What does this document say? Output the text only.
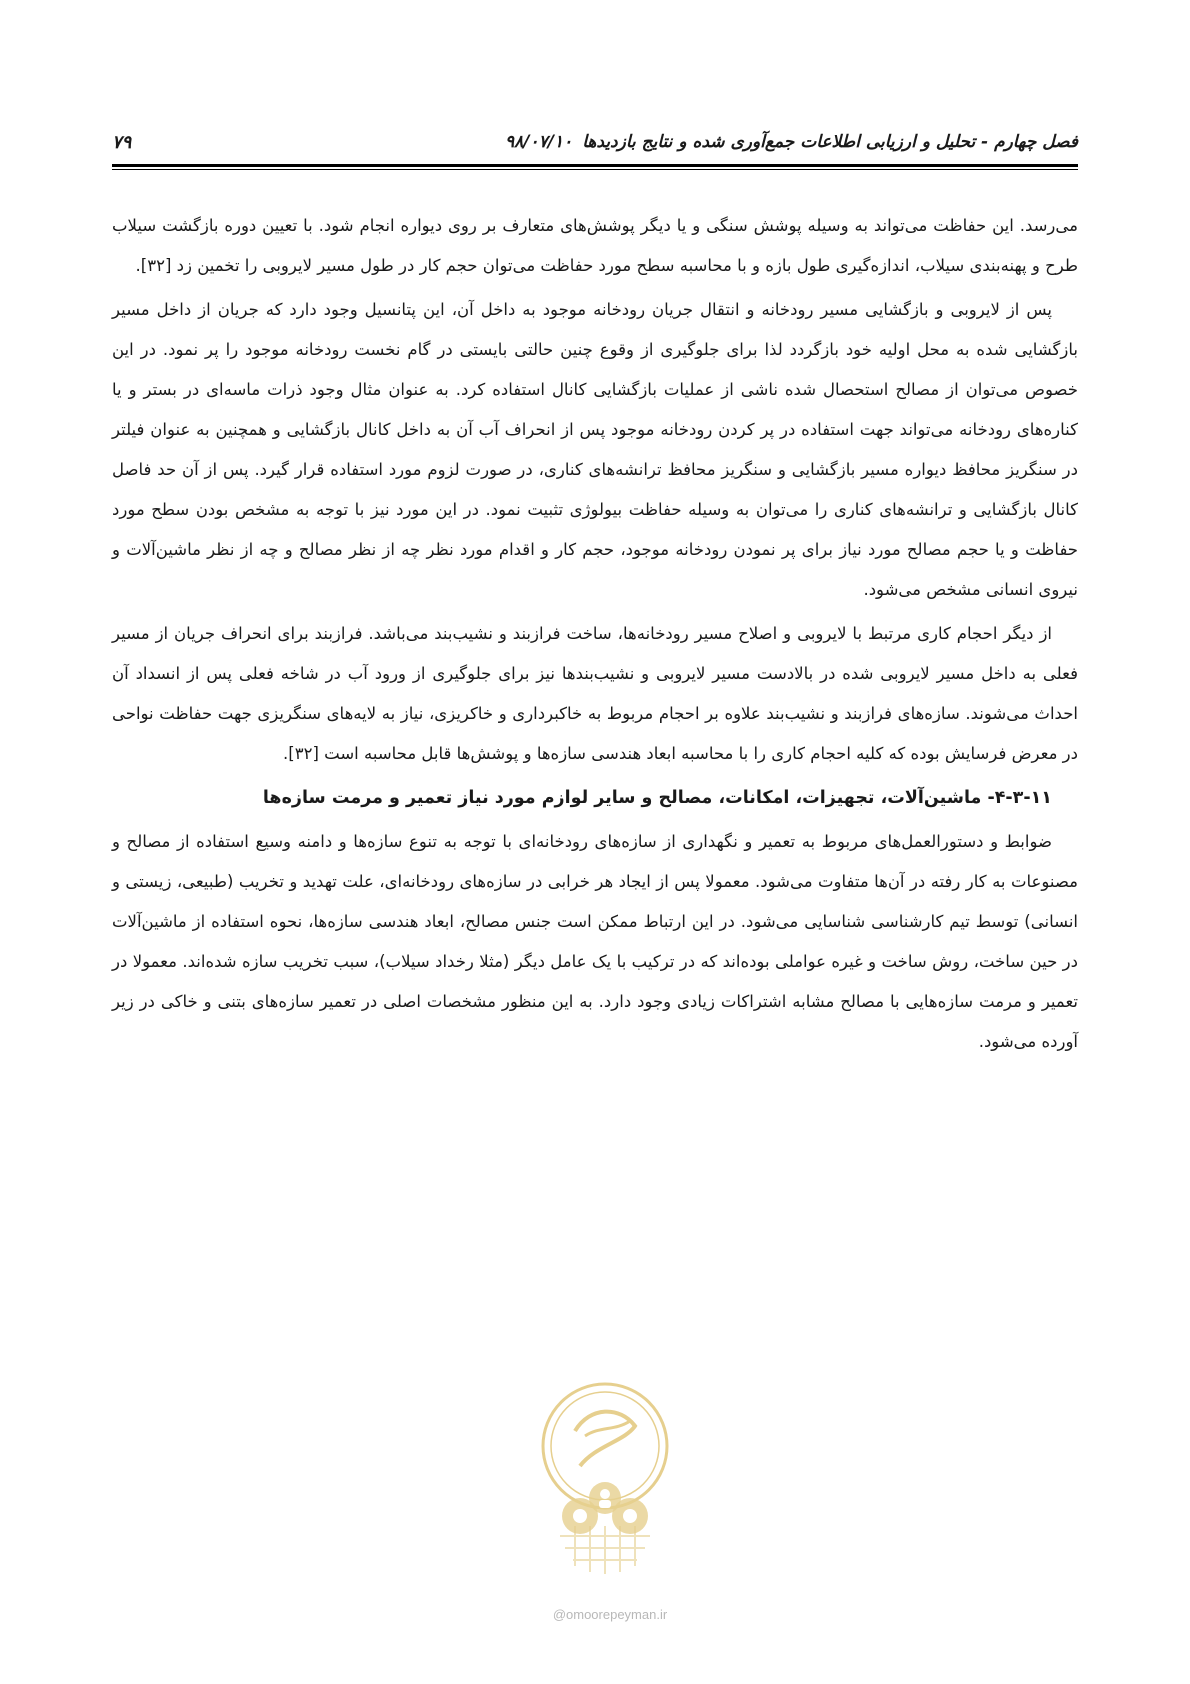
فصل چهارم - تحلیل و ارزیابی اطلاعات جمع‌آوری شده و نتایج بازدیدها۹۸/۰۷/۱۰
۷۹

می‌رسد. این حفاظت می‌تواند به وسیله پوشش سنگی و یا دیگر پوشش‌های متعارف بر روی دیواره انجام شود. با تعیین دوره بازگشت سیلاب طرح و پهنه‌بندی سیلاب، اندازه‌گیری طول بازه و با محاسبه سطح مورد حفاظت می‌توان حجم کار در طول مسیر لایروبی را تخمین زد [۳۲].

پس از لایروبی و بازگشایی مسیر رودخانه و انتقال جریان رودخانه موجود به داخل آن، این پتانسیل وجود دارد که جریان از داخل مسیر بازگشایی شده به محل اولیه خود بازگردد لذا برای جلوگیری از وقوع چنین حالتی بایستی در گام نخست رودخانه موجود را پر نمود. در این خصوص می‌توان از مصالح استحصال شده ناشی از عملیات بازگشایی کانال استفاده کرد. به عنوان مثال وجود ذرات ماسه‌ای در بستر و یا کناره‌های رودخانه می‌تواند جهت استفاده در پر کردن رودخانه موجود پس از انحراف آب آن به داخل کانال بازگشایی و همچنین به عنوان فیلتر در سنگریز محافظ دیواره مسیر بازگشایی و سنگریز محافظ ترانشه‌های کناری، در صورت لزوم مورد استفاده قرار گیرد. پس از آن حد فاصل کانال بازگشایی و ترانشه‌های کناری را می‌توان به وسیله حفاظت بیولوژی تثبیت نمود. در این مورد نیز با توجه به مشخص بودن سطح مورد حفاظت و یا حجم مصالح مورد نیاز برای پر نمودن رودخانه موجود، حجم کار و اقدام مورد نظر چه از نظر مصالح و چه از نظر ماشین‌آلات و نیروی انسانی مشخص می‌شود.

از دیگر احجام کاری مرتبط با لایروبی و اصلاح مسیر رودخانه‌ها، ساخت فرازبند و نشیب‌بند می‌باشد. فرازبند برای انحراف جریان از مسیر فعلی به داخل مسیر لایروبی شده در بالادست مسیر لایروبی و نشیب‌بندها نیز برای جلوگیری از ورود آب در شاخه فعلی پس از انسداد آن احداث می‌شوند. سازه‌های فرازبند و نشیب‌بند علاوه بر احجام مربوط به خاکبرداری و خاکریزی، نیاز به لایه‌های سنگریزی جهت حفاظت نواحی در معرض فرسایش بوده که کلیه احجام کاری را با محاسبه ابعاد هندسی سازه‌ها و پوشش‌ها قابل محاسبه است [۳۲].

۴-۳-۱۱- ماشین‌آلات، تجهیزات، امکانات، مصالح و سایر لوازم مورد نیاز تعمیر و مرمت سازه‌ها

ضوابط و دستورالعمل‌های مربوط به تعمیر و نگهداری از سازه‌های رودخانه‌ای با توجه به تنوع سازه‌ها و دامنه وسیع استفاده از مصالح و مصنوعات به کار رفته در آن‌ها متفاوت می‌شود. معمولا پس از ایجاد هر خرابی در سازه‌های رودخانه‌ای، علت تهدید و تخریب (طبیعی، زیستی و انسانی) توسط تیم کارشناسی شناسایی می‌شود. در این ارتباط ممکن است جنس مصالح، ابعاد هندسی سازه‌ها، نحوه استفاده از ماشین‌آلات در حین ساخت، روش ساخت و غیره عواملی بوده‌اند که در ترکیب با یک عامل دیگر (مثلا رخداد سیلاب)، سبب تخریب سازه شده‌اند. معمولا در تعمیر و مرمت سازه‌هایی با مصالح مشابه اشتراکات زیادی وجود دارد. به این منظور مشخصات اصلی در تعمیر سازه‌های بتنی و خاکی در زیر آورده می‌شود.

@omoorepeyman.ir
